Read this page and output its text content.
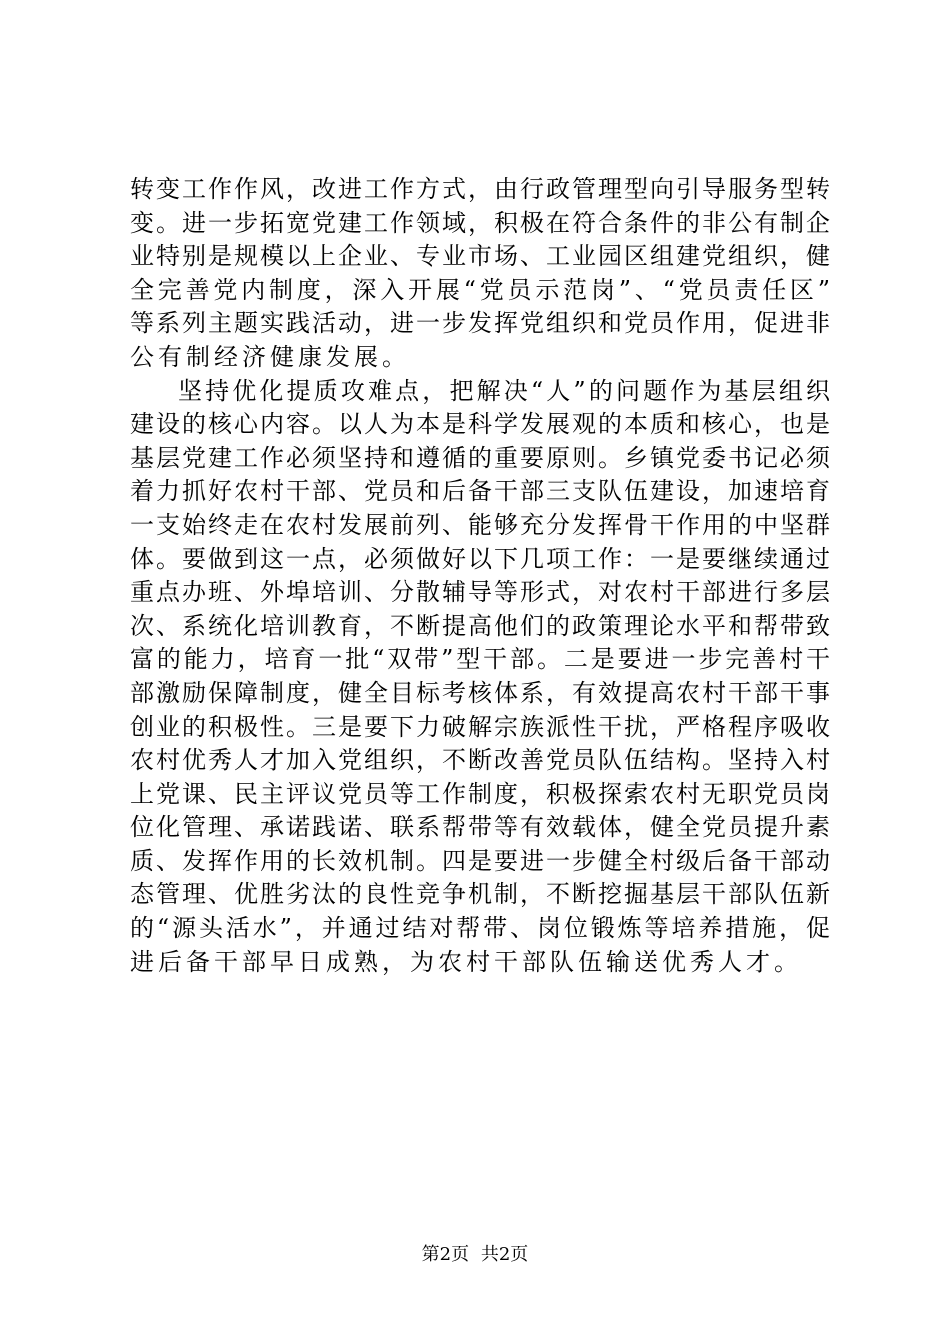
转变工作作风，改进工作方式，由行政管理型向引导服务型转
变。进一步拓宽党建工作领域，积极在符合条件的非公有制企
业特别是规模以上企业、专业市场、工业园区组建党组织，健
全完善党内制度，深入开展“党员示范岗”、“党员责任区”
等系列主题实践活动，进一步发挥党组织和党员作用，促进非
公有制经济健康发展。
坚持优化提质攻难点，把解决“人”的问题作为基层组织
建设的核心内容。以人为本是科学发展观的本质和核心，也是
基层党建工作必须坚持和遵循的重要原则。乡镇党委书记必须
着力抓好农村干部、党员和后备干部三支队伍建设，加速培育
一支始终走在农村发展前列、能够充分发挥骨干作用的中坚群
体。要做到这一点，必须做好以下几项工作：一是要继续通过
重点办班、外埠培训、分散辅导等形式，对农村干部进行多层
次、系统化培训教育，不断提高他们的政策理论水平和帮带致
富的能力，培育一批“双带”型干部。二是要进一步完善村干
部激励保障制度，健全目标考核体系，有效提高农村干部干事
创业的积极性。三是要下力破解宗族派性干扰，严格程序吸收
农村优秀人才加入党组织，不断改善党员队伍结构。坚持入村
上党课、民主评议党员等工作制度，积极探索农村无职党员岗
位化管理、承诺践诺、联系帮带等有效载体，健全党员提升素
质、发挥作用的长效机制。四是要进一步健全村级后备干部动
态管理、优胜劣汰的良性竞争机制，不断挖掘基层干部队伍新
的“源头活水”，并通过结对帮带、岗位锻炼等培养措施，促
进后备干部早日成熟，为农村干部队伍输送优秀人才。
第2页 共2页
